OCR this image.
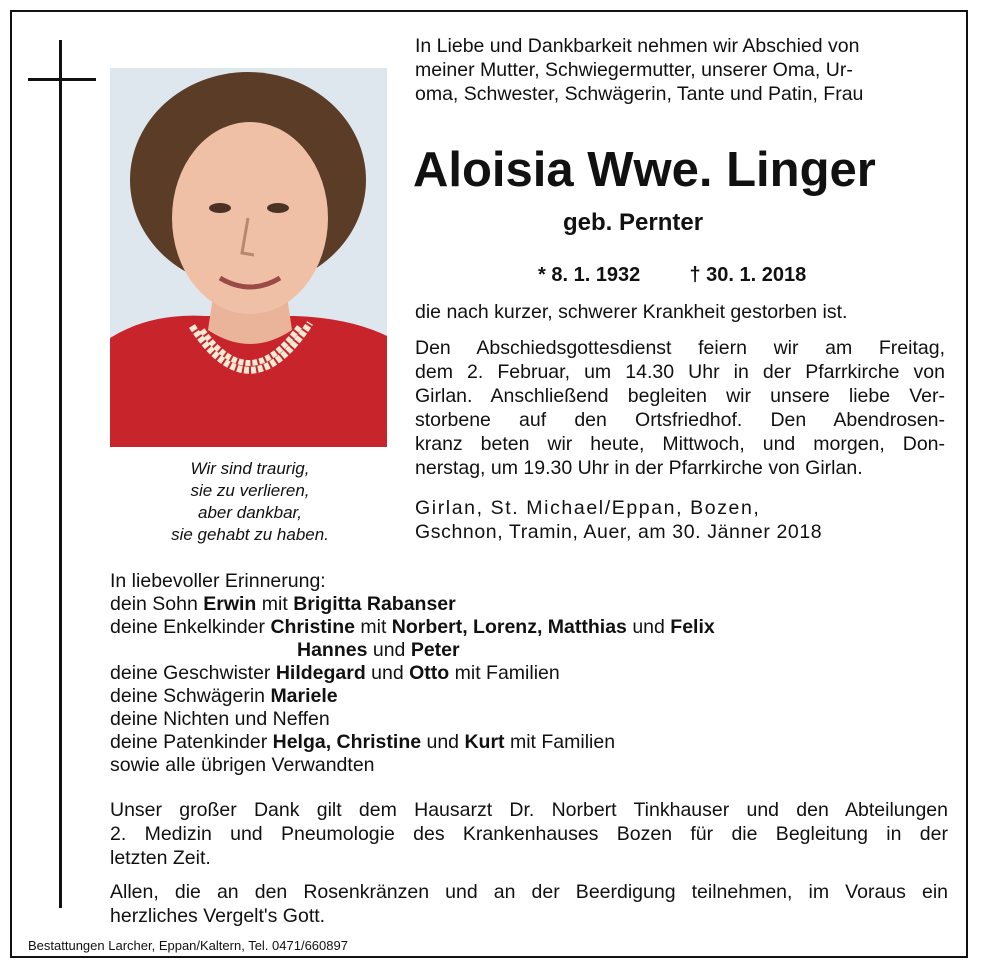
Wir sind traurig,
sie zu verlieren,
aber dankbar,
sie gehabt zu haben.
In Liebe und Dankbarkeit nehmen wir Abschied von
meiner Mutter, Schwiegermutter, unserer Oma, Ur-
oma, Schwester, Schwägerin, Tante und Patin, Frau
Aloisia Wwe. Linger
geb. Pernter
* 8. 1. 1932 † 30. 1. 2018
die nach kurzer, schwerer Krankheit gestorben ist.
Den Abschiedsgottesdienst feiern wir am Freitag,
dem 2. Februar, um 14.30 Uhr in der Pfarrkirche von
Girlan. Anschließend begleiten wir unsere liebe Ver-
storbene auf den Ortsfriedhof. Den Abendrosen-
kranz beten wir heute, Mittwoch, und morgen, Don-
nerstag, um 19.30 Uhr in der Pfarrkirche von Girlan.
Girlan, St. Michael/Eppan, Bozen,
Gschnon, Tramin, Auer, am 30. Jänner 2018
In liebevoller Erinnerung:
dein Sohn Erwin mit Brigitta Rabanser
deine Enkelkinder Christine mit Norbert, Lorenz, Matthias und Felix
Hannes und Peter
deine Geschwister Hildegard und Otto mit Familien
deine Schwägerin Mariele
deine Nichten und Neffen
deine Patenkinder Helga, Christine und Kurt mit Familien
sowie alle übrigen Verwandten
Unser großer Dank gilt dem Hausarzt Dr. Norbert Tinkhauser und den Abteilungen
2. Medizin und Pneumologie des Krankenhauses Bozen für die Begleitung in der
letzten Zeit.
Allen, die an den Rosenkränzen und an der Beerdigung teilnehmen, im Voraus ein
herzliches Vergelt's Gott.
Bestattungen Larcher, Eppan/Kaltern, Tel. 0471/660897
